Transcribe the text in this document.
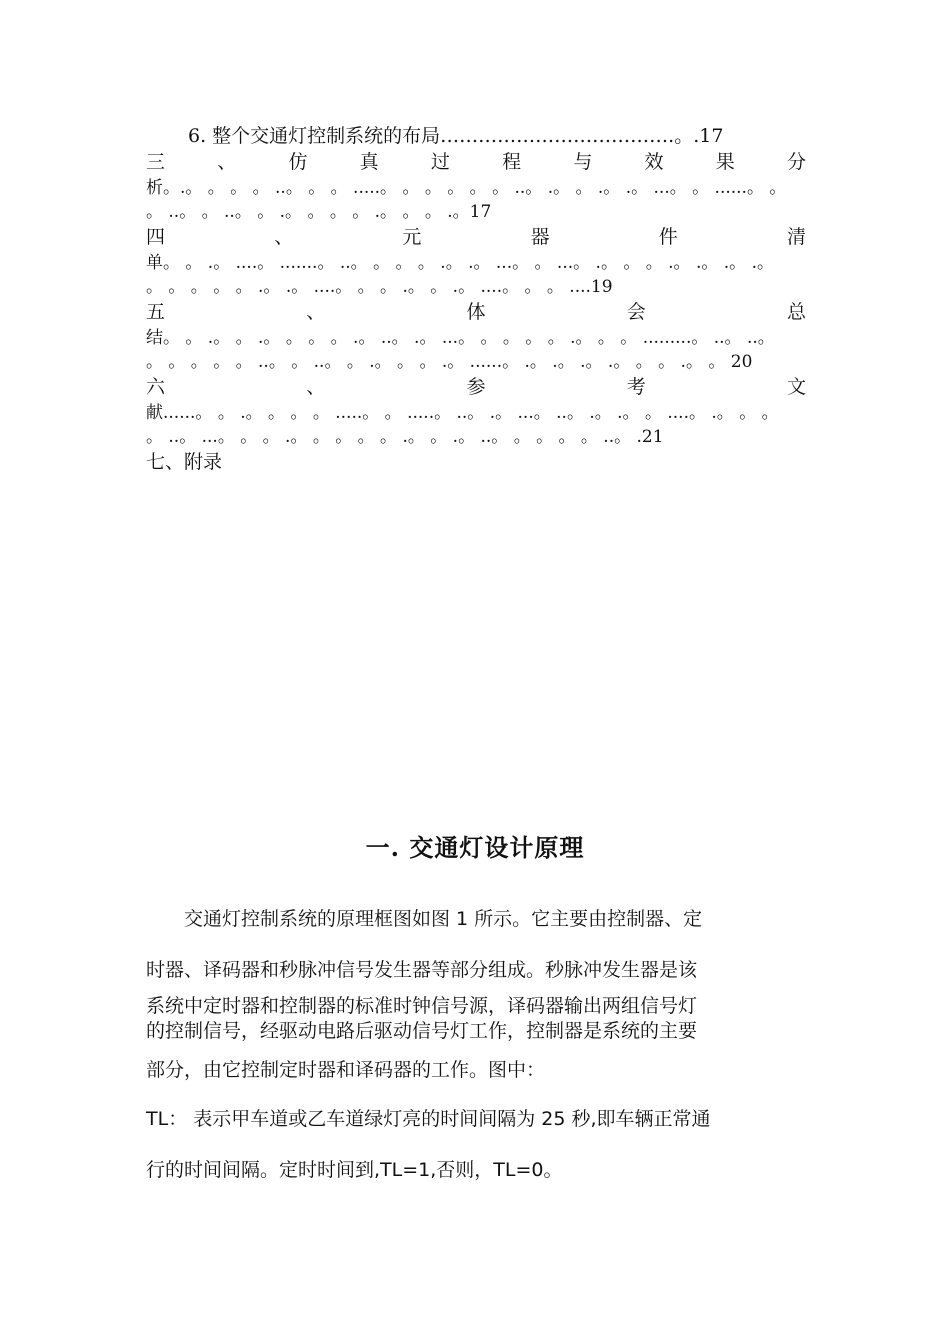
6. 整个交通灯控制系统的布局……………………………….。.17
三	、	仿	真	过	程	与	效	果	分
析。.。 。 。 。 ..。 。 。 .....。 。 。 。 。 。 ..。 .。 。 .。 .。 ...。 。 ......。 。
。 ..。 。 ..。 。 .。 。 。 。 .。 。 。 .。17
四	、	元	器	件	清
单。 。 .。 ....。 .......。 ..。 。 。 。 .。 .。 ...。 。 ...。 .。 。 。 .。 .。 .。 .。
。 。 。 。 。 .。 .。 ....。 。 。 .。 。 .。 ....。 。 。 ....19
五	、	体	会	总
结。 。 .。 。 .。 。 。 。 .。 ..。 .。 ...。 。 。 。 。 .。 。 。 .........。 ..。 ..。
。 。 。 。 。 ..。 。 ..。 。 .。 。 。 .。 ......。 .。 .。 .。 .。 。 。 .。 。 20
六	、	参	考	文
献......。 。 .。 。 。 。 .....。 。 .....。 ..。 .。 ...。 ..。 .。 .。 。 ....。 .。 。 。
。 ..。 ...。 。 。 .。 。 。 。 。 .。 。 .。 ..。 。 。 。 。 ..。 .21
七、附录
一. 交通灯设计原理
交通灯控制系统的原理框图如图 1 所示。它主要由控制器、定
时器、译码器和秒脉冲信号发生器等部分组成。秒脉冲发生器是该
系统中定时器和控制器的标准时钟信号源，译码器输出两组信号灯
的控制信号，经驱动电路后驱动信号灯工作，控制器是系统的主要
部分，由它控制定时器和译码器的工作。图中：
TL： 表示甲车道或乙车道绿灯亮的时间间隔为 25 秒,即车辆正常通
行的时间间隔。定时时间到,TL=1,否则，TL=0。
